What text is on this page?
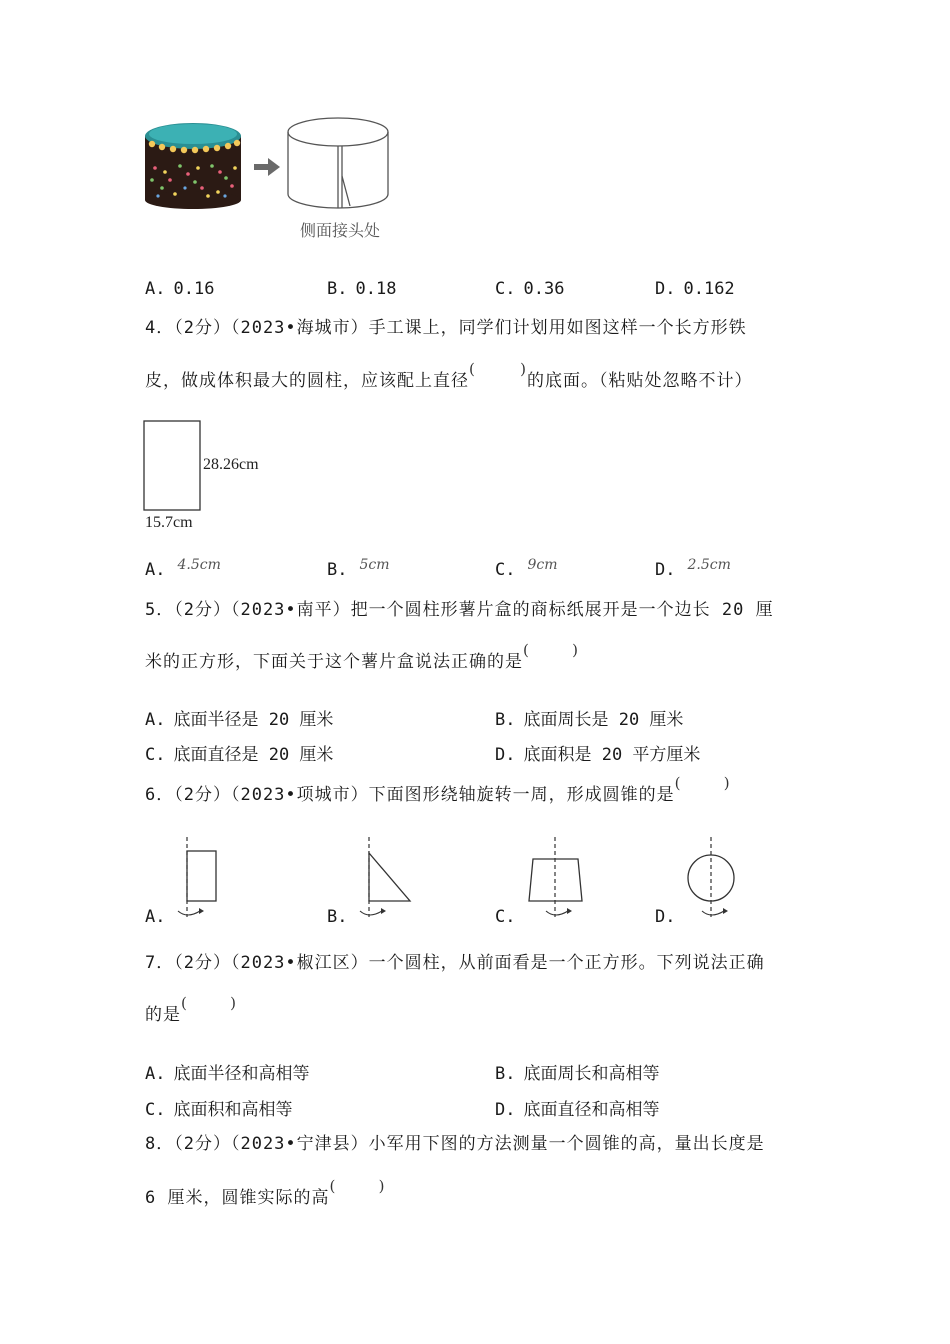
侧面接头处
A. 0.16	B. 0.18	C. 0.36	D. 0.162
4．（2分）（2023•海城市）手工课上，同学们计划用如图这样一个长方形铁
皮，做成体积最大的圆柱，应该配上直径(	)
的底面。（粘贴处忽略不计）
28.26cm
15.7cm
A. $^{4.5cm}$	B. $^{5cm}$	C. $^{9cm}$	D. $^{2.5cm}$
5．（2分）（2023•南平）把一个圆柱形薯片盒的商标纸展开是一个边长 20 厘
米的正方形，下面关于这个薯片盒说法正确的是(	)
A. 底面半径是 20 厘米	B. 底面周长是 20 厘米
C. 底面直径是 20 厘米	D. 底面积是 20 平方厘米
6．（2分）（2023•项城市）下面图形绕轴旋转一周，形成圆锥的是(	)
A.	B.	C.	D.
7．（2分）（2023•椒江区）一个圆柱，从前面看是一个正方形。下列说法正确
的是(	)
A. 底面半径和高相等	B. 底面周长和高相等
C. 底面积和高相等	D. 底面直径和高相等
8．（2分）（2023•宁津县）小军用下图的方法测量一个圆锥的高，量出长度是
6 厘米，圆锥实际的高(	)
